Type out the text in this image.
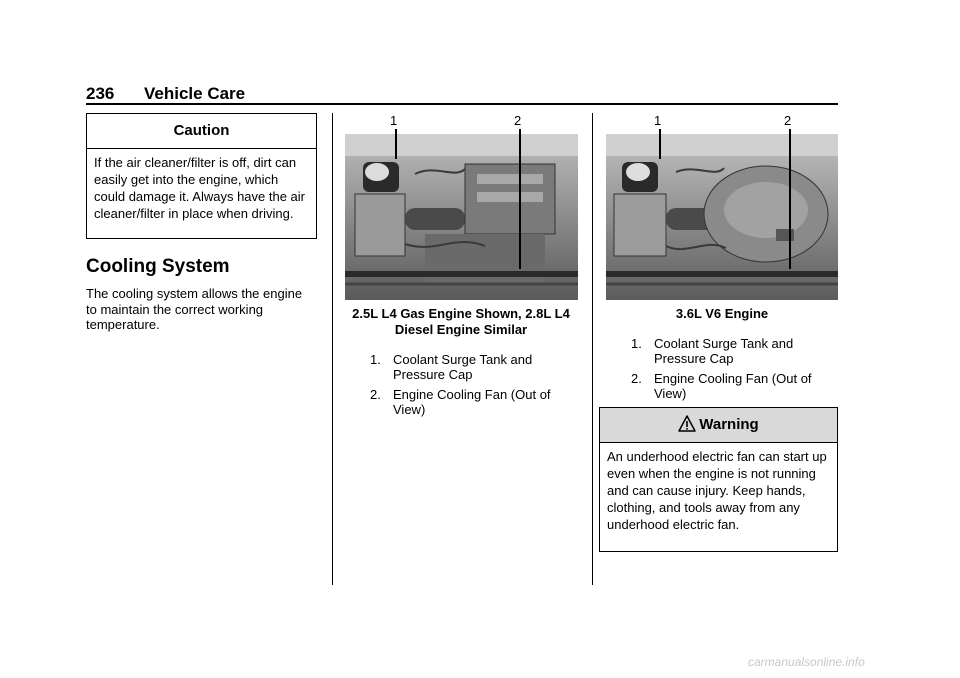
236 Vehicle Care
Caution
If the air cleaner/filter is off, dirt can easily get into the engine, which could damage it. Always have the air cleaner/filter in place when driving.
Cooling System
The cooling system allows the engine to maintain the correct working temperature.
1	2
2.5L L4 Gas Engine Shown, 2.8L L4 Diesel Engine Similar
1. Coolant Surge Tank and Pressure Cap
2. Engine Cooling Fan (Out of View)
1	2
3.6L V6 Engine
1. Coolant Surge Tank and Pressure Cap
2. Engine Cooling Fan (Out of View)
Warning
An underhood electric fan can start up even when the engine is not running and can cause injury. Keep hands, clothing, and tools away from any underhood electric fan.
carmanualsonline.info
